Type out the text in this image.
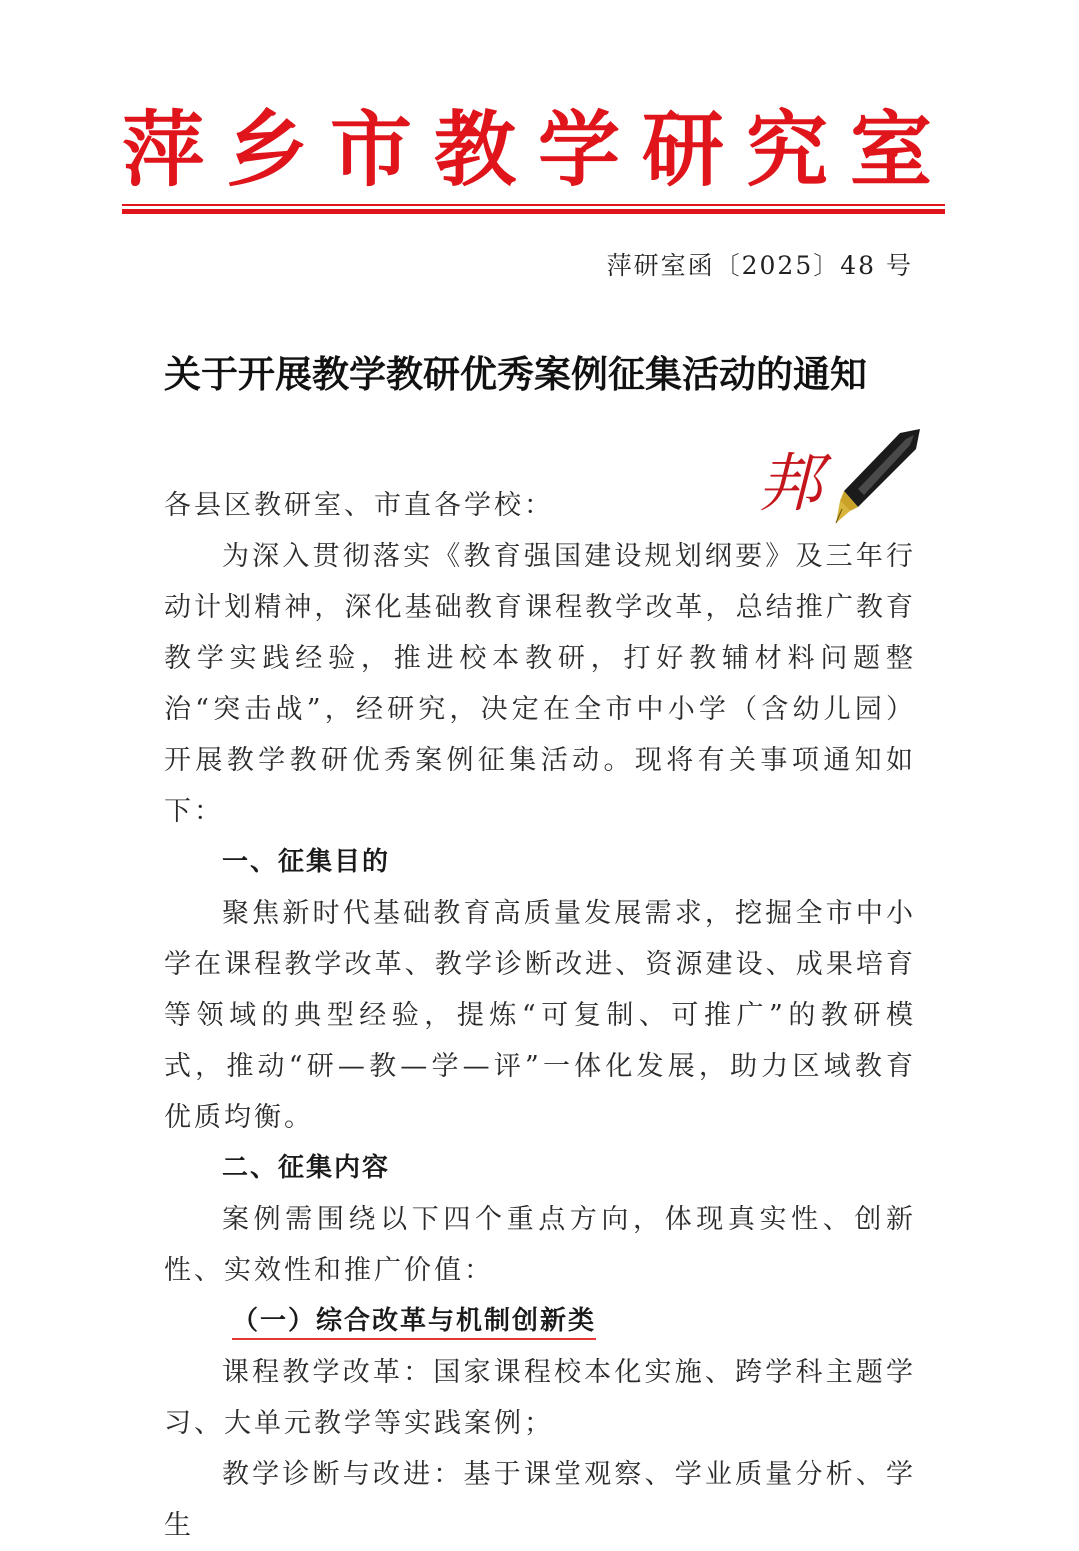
萍乡市教学研究室
萍研室函〔2025〕48 号
关于开展教学教研优秀案例征集活动的通知
邦

各县区教研室、市直各学校：

为深入贯彻落实《教育强国建设规划纲要》及三年行动计划精神，深化基础教育课程教学改革，总结推广教育教学实践经验，推进校本教研，打好教辅材料问题整治“突击战”，经研究，决定在全市中小学（含幼儿园）开展教学教研优秀案例征集活动。现将有关事项通知如下：

一、征集目的

聚焦新时代基础教育高质量发展需求，挖掘全市中小学在课程教学改革、教学诊断改进、资源建设、成果培育等领域的典型经验，提炼“可复制、可推广”的教研模式，推动“研—教—学—评”一体化发展，助力区域教育优质均衡。

二、征集内容

案例需围绕以下四个重点方向，体现真实性、创新性、实效性和推广价值：

（一）综合改革与机制创新类

课程教学改革：国家课程校本化实施、跨学科主题学习、大单元教学等实践案例；

教学诊断与改进：基于课堂观察、学业质量分析、学生
